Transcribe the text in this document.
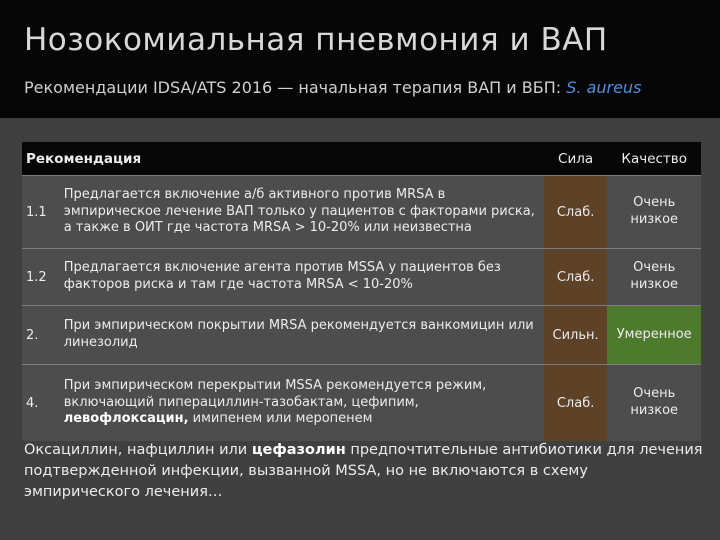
Нозокомиальная пневмония и ВАП
Рекомендации IDSA/ATS 2016 — начальная терапия ВАП и ВБП: S. aureus
Рекомендация		Сила	Качество
1.1	Предлагается включение а/б активного против MRSA в эмпирическое лечение ВАП только у пациентов с факторами риска, а также в ОИТ где частота MRSA > 10-20% или неизвестна	Слаб.	Очень низкое

1.2	Предлагается включение агента против MSSA у пациентов без факторов риска и там где частота MRSA < 10-20%	Слаб.	Очень низкое

2.	При эмпирическом покрытии MRSA рекомендуется ванкомицин или линезолид	Сильн.	Умеренное

4.	При эмпирическом перекрытии MSSA рекомендуется режим, включающий пиперациллин-тазобактам, цефипим, левофлоксацин, имипенем или меропенем	Слаб.	Очень низкое
Оксациллин, нафциллин или цефазолин предпочтительные антибиотики для лечения подтвержденной инфекции, вызванной MSSA, но не включаются в схему эмпирического лечения…
